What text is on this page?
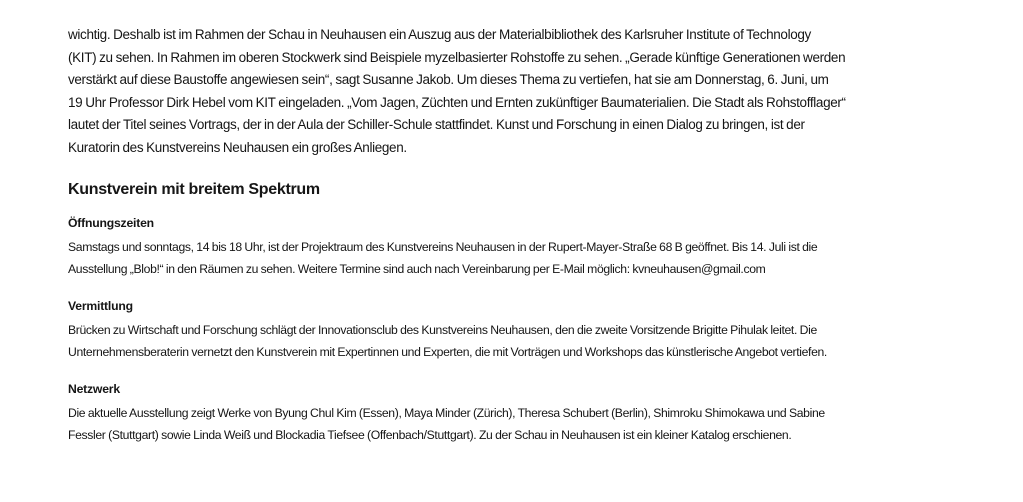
wichtig. Deshalb ist im Rahmen der Schau in Neuhausen ein Auszug aus der Materialbibliothek des Karlsruher Institute of Technology
(KIT) zu sehen. In Rahmen im oberen Stockwerk sind Beispiele myzelbasierter Rohstoffe zu sehen. „Gerade künftige Generationen werden
verstärkt auf diese Baustoffe angewiesen sein“, sagt Susanne Jakob. Um dieses Thema zu vertiefen, hat sie am Donnerstag, 6. Juni, um
19 Uhr Professor Dirk Hebel vom KIT eingeladen. „Vom Jagen, Züchten und Ernten zukünftiger Baumaterialien. Die Stadt als Rohstofflager“
lautet der Titel seines Vortrags, der in der Aula der Schiller-Schule stattfindet. Kunst und Forschung in einen Dialog zu bringen, ist der
Kuratorin des Kunstvereins Neuhausen ein großes Anliegen.

Kunstverein mit breitem Spektrum
Öffnungszeiten

Samstags und sonntags, 14 bis 18 Uhr, ist der Projektraum des Kunstvereins Neuhausen in der Rupert-Mayer-Straße 68 B geöffnet. Bis 14. Juli ist die
Ausstellung „Blob!“ in den Räumen zu sehen. Weitere Termine sind auch nach Vereinbarung per E-Mail möglich: kvneuhausen@gmail.com

Vermittlung

Brücken zu Wirtschaft und Forschung schlägt der Innovationsclub des Kunstvereins Neuhausen, den die zweite Vorsitzende Brigitte Pihulak leitet. Die
Unternehmensberaterin vernetzt den Kunstverein mit Expertinnen und Experten, die mit Vorträgen und Workshops das künstlerische Angebot vertiefen.

Netzwerk

Die aktuelle Ausstellung zeigt Werke von Byung Chul Kim (Essen), Maya Minder (Zürich), Theresa Schubert (Berlin), Shimroku Shimokawa und Sabine
Fessler (Stuttgart) sowie Linda Weiß und Blockadia Tiefsee (Offenbach/Stuttgart). Zu der Schau in Neuhausen ist ein kleiner Katalog erschienen.
